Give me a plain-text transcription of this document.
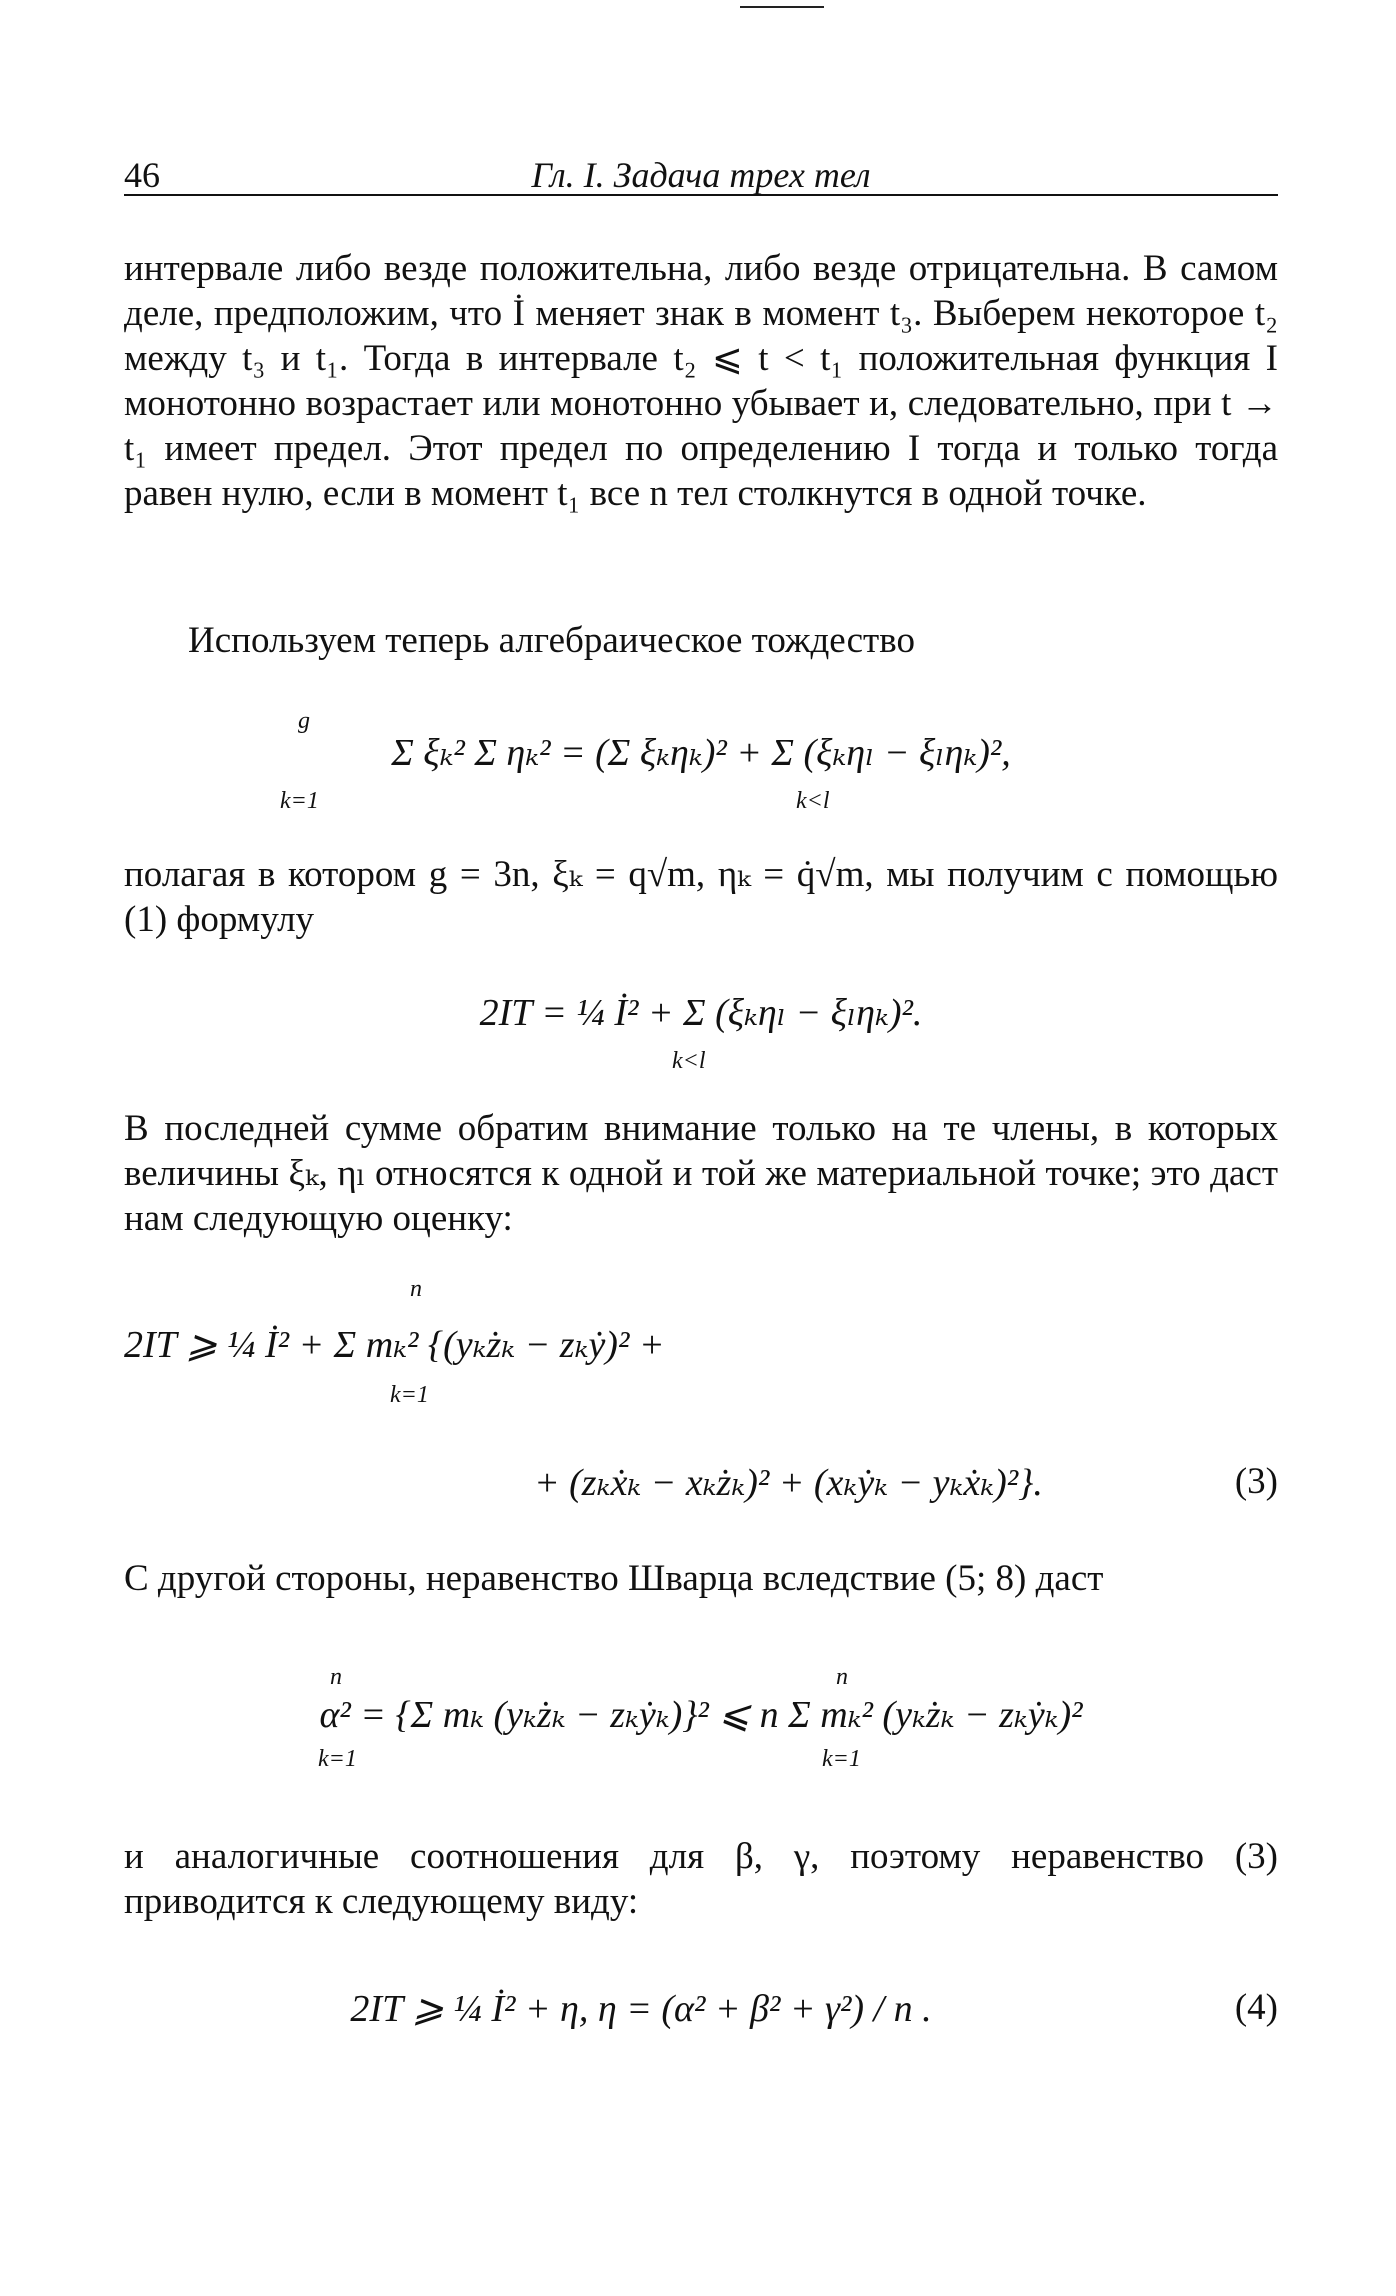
46	Гл. I. Задача трех тел

интервале либо везде положительна, либо везде отрицательна. В самом деле, предположим, что İ меняет знак в момент t₃. Выберем некоторое t₂ между t₃ и t₁. Тогда в интервале t₂ ⩽ t < t₁ положительная функция I монотонно возрастает или монотонно убывает и, следовательно, при t → t₁ имеет предел. Этот предел по определению I тогда и только тогда равен нулю, если в момент t₁ все n тел столкнутся в одной точке.

Используем теперь алгебраическое тождество

Σ ξₖ² Σ ηₖ² = (Σ ξₖηₖ)² + Σ (ξₖηₗ − ξₗηₖ)²,
g
k=1	k<l

полагая в котором g = 3n, ξₖ = q√m, ηₖ = q̇√m, мы получим с помощью (1) формулу

2IT = ¼ İ² + Σ (ξₖηₗ − ξₗηₖ)².
k<l

В последней сумме обратим внимание только на те члены, в которых величины ξₖ, ηₗ относятся к одной и той же материальной точке; это даст нам следующую оценку:

2IT ⩾ ¼ İ² + Σ mₖ² {(yₖżₖ − zₖẏ)² +
n
k=1
+ (zₖẋₖ − xₖżₖ)² + (xₖẏₖ − yₖẋₖ)²}.	(3)

С другой стороны, неравенство Шварца вследствие (5; 8) даст

α² = {Σ mₖ (yₖżₖ − zₖẏₖ)}² ⩽ n Σ mₖ² (yₖżₖ − zₖẏₖ)²
n
k=1
n
k=1

и аналогичные соотношения для β, γ, поэтому неравенство (3) приводится к следующему виду:

2IT ⩾ ¼ İ² + η, η = (α² + β² + γ²) / n .	(4)
